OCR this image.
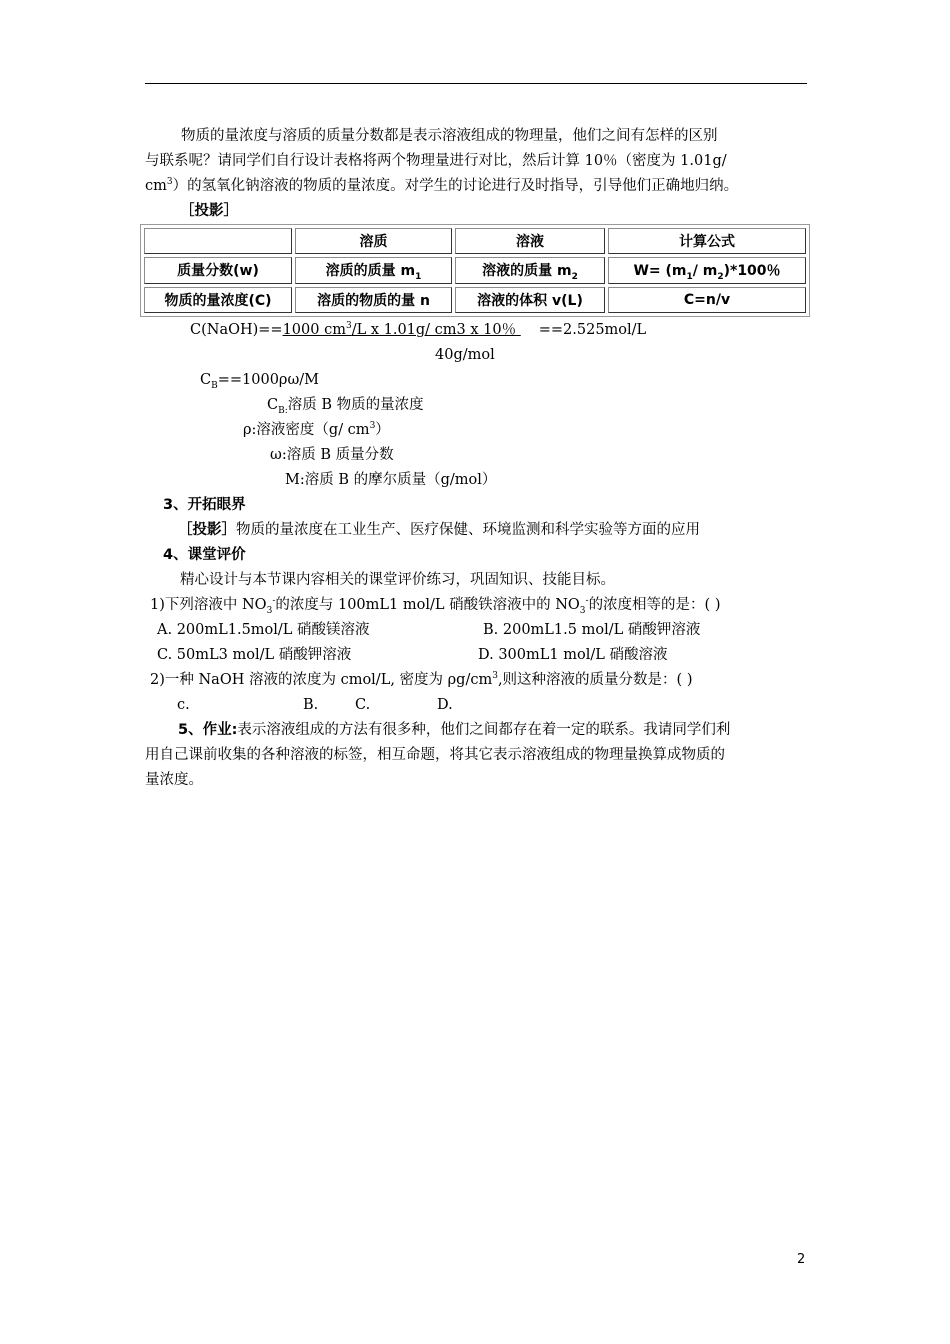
物质的量浓度与溶质的质量分数都是表示溶液组成的物理量，他们之间有怎样的区别
与联系呢？请同学们自行设计表格将两个物理量进行对比，然后计算 10％（密度为 1.01g/
$cm^3$）的氢氧化钠溶液的物质的量浓度。对学生的讨论进行及时指导，引导他们正确地归纳。
［投影］
	溶质	溶液	计算公式
质量分数(w)	溶质的质量 $m_1$	溶液的质量 $m_2$	$W= (m_1/$ $m_2)*100$％
物质的量浓度(C)	溶质的物质的量 n	溶液的体积 v(L)	C=n/v
C(NaOH)==1000 $cm^3/L$ x 1.01g/ cm3 x 10％ ==2.525mol/L
40g/mol
$C_B==1000\rho\omega/M$
$C_{B:}$溶质 B 物质的量浓度
ρ:溶液密度（g/ $cm^3$）
ω:溶质 B 质量分数
M:溶质 B 的摩尔质量（g/mol）
3、开拓眼界
［投影］物质的量浓度在工业生产、医疗保健、环境监测和科学实验等方面的应用
4、课堂评价
精心设计与本节课内容相关的课堂评价练习，巩固知识、技能目标。
1)下列溶液中 $NO_3^-$的浓度与 100mL1 mol/L 硝酸铁溶液中的 $NO_3^-$的浓度相等的是：( )
A. 200mL1.5mol/L 硝酸镁溶液	B. 200mL1.5 mol/L 硝酸钾溶液
C. 50mL3 mol/L 硝酸钾溶液	D. 300mL1 mol/L 硝酸溶液
2)一种 NaOH 溶液的浓度为 cmol/L, 密度为 $\rho g/cm^3$,则这种溶液的质量分数是：( )
c.	B.	C.	D.
5、作业:表示溶液组成的方法有很多种，他们之间都存在着一定的联系。我请同学们利
用自己课前收集的各种溶液的标签，相互命题，将其它表示溶液组成的物理量换算成物质的
量浓度。
2
